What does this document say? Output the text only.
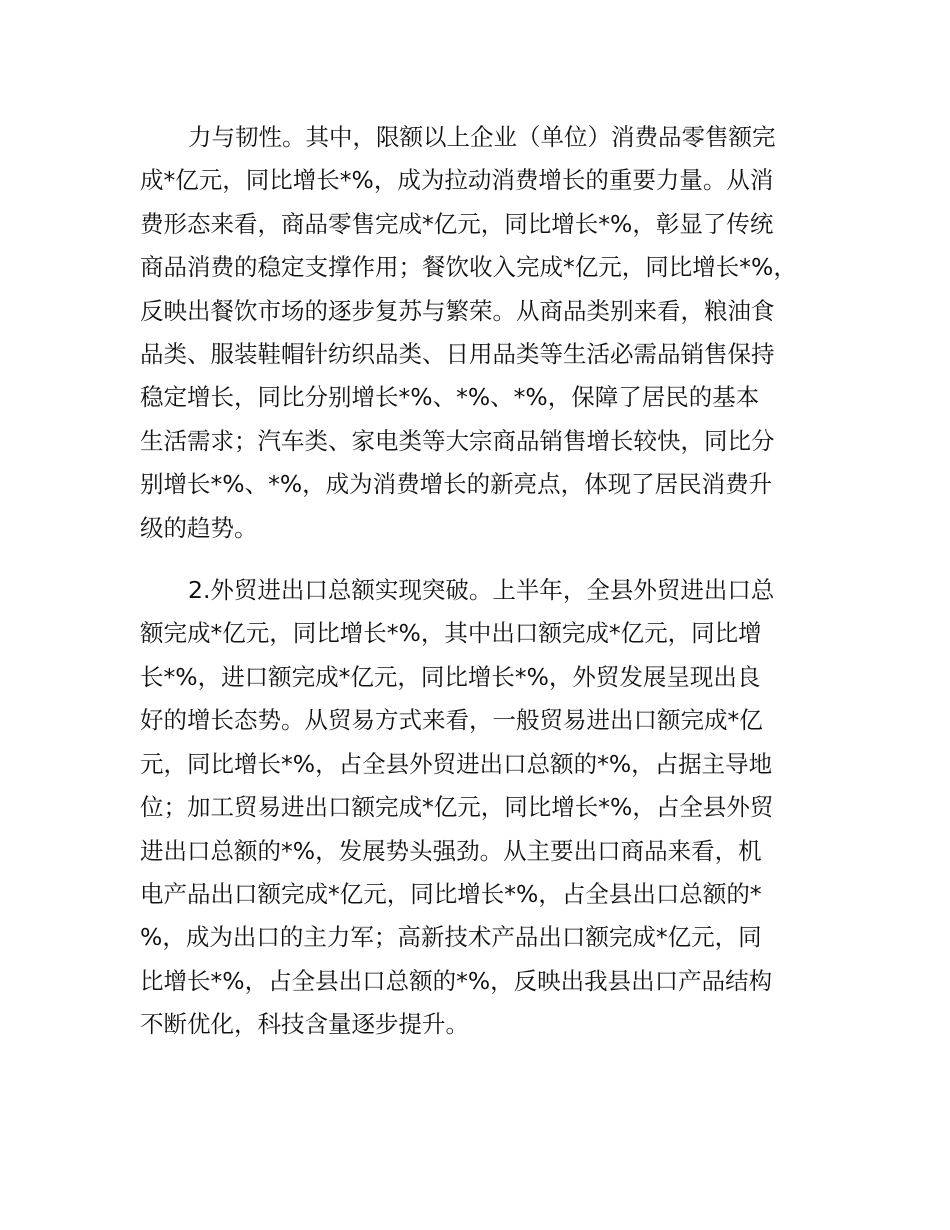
力与韧性。其中，限额以上企业（单位）消费品零售额完
成*亿元，同比增长*%，成为拉动消费增长的重要力量。从消
费形态来看，商品零售完成*亿元，同比增长*%，彰显了传统
商品消费的稳定支撑作用；餐饮收入完成*亿元，同比增长*%，
反映出餐饮市场的逐步复苏与繁荣。从商品类别来看，粮油食
品类、服装鞋帽针纺织品类、日用品类等生活必需品销售保持
稳定增长，同比分别增长*%、*%、*%，保障了居民的基本
生活需求；汽车类、家电类等大宗商品销售增长较快，同比分
别增长*%、*%，成为消费增长的新亮点，体现了居民消费升
级的趋势。
2.外贸进出口总额实现突破。上半年，全县外贸进出口总
额完成*亿元，同比增长*%，其中出口额完成*亿元，同比增
长*%，进口额完成*亿元，同比增长*%，外贸发展呈现出良
好的增长态势。从贸易方式来看，一般贸易进出口额完成*亿
元，同比增长*%，占全县外贸进出口总额的*%，占据主导地
位；加工贸易进出口额完成*亿元，同比增长*%，占全县外贸
进出口总额的*%，发展势头强劲。从主要出口商品来看，机
电产品出口额完成*亿元，同比增长*%，占全县出口总额的*
%，成为出口的主力军；高新技术产品出口额完成*亿元，同
比增长*%，占全县出口总额的*%，反映出我县出口产品结构
不断优化，科技含量逐步提升。
